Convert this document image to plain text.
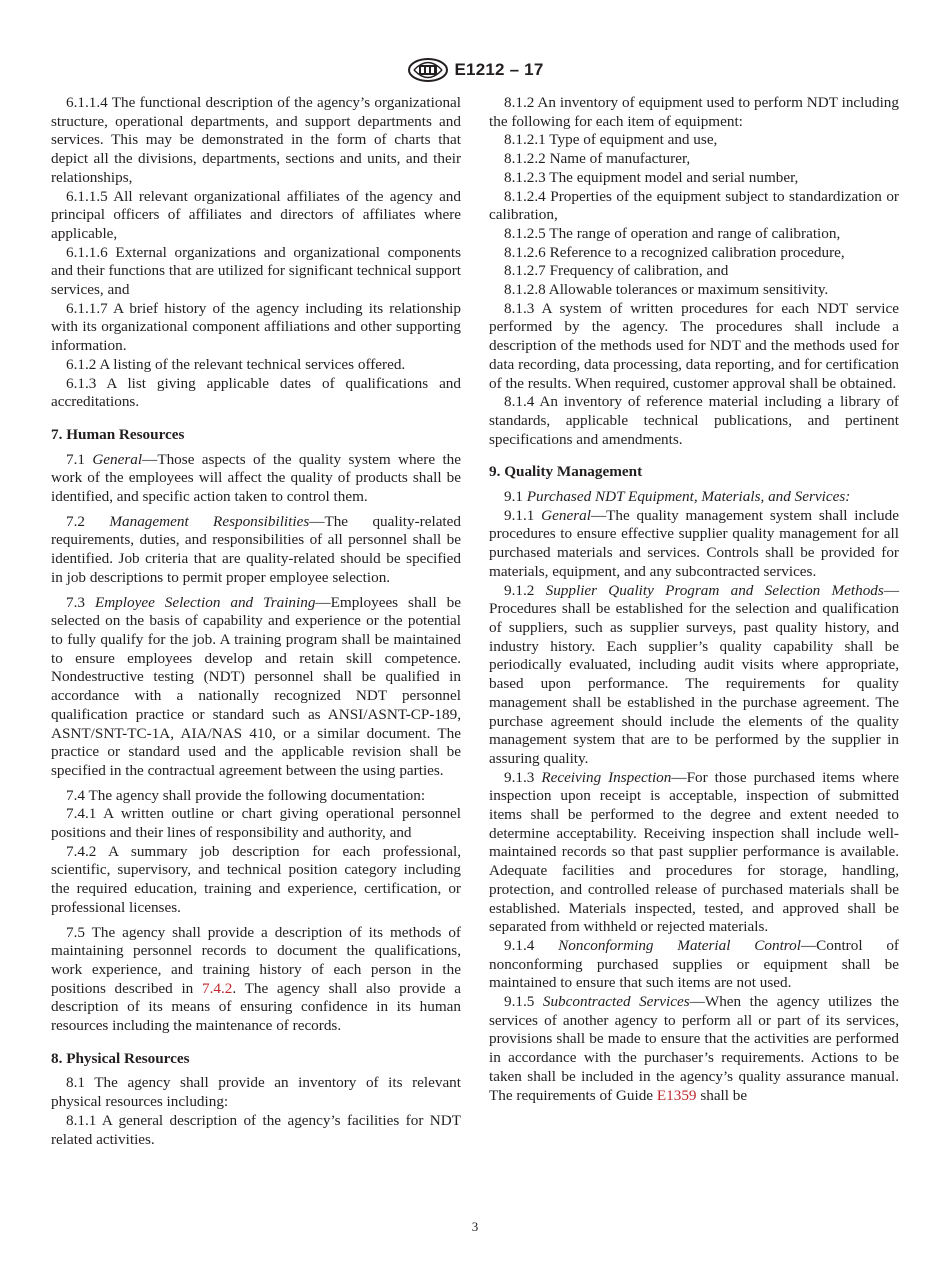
E1212 – 17

6.1.1.4 The functional description of the agency’s organizational structure, operational departments, and support departments and services. This may be demonstrated in the form of charts that depict all the divisions, departments, sections and units, and their relationships,

6.1.1.5 All relevant organizational affiliates of the agency and principal officers of affiliates and directors of affiliates where applicable,

6.1.1.6 External organizations and organizational components and their functions that are utilized for significant technical support services, and

6.1.1.7 A brief history of the agency including its relationship with its organizational component affiliations and other supporting information.

6.1.2 A listing of the relevant technical services offered.

6.1.3 A list giving applicable dates of qualifications and accreditations.

7. Human Resources

7.1 General—Those aspects of the quality system where the work of the employees will affect the quality of products shall be identified, and specific action taken to control them.

7.2 Management Responsibilities—The quality-related requirements, duties, and responsibilities of all personnel shall be identified. Job criteria that are quality-related should be specified in job descriptions to permit proper employee selection.

7.3 Employee Selection and Training—Employees shall be selected on the basis of capability and experience or the potential to fully qualify for the job. A training program shall be maintained to ensure employees develop and retain skill competence. Nondestructive testing (NDT) personnel shall be qualified in accordance with a nationally recognized NDT personnel qualification practice or standard such as ANSI/ASNT-CP-189, ASNT/SNT-TC-1A, AIA/NAS 410, or a similar document. The practice or standard used and the applicable revision shall be specified in the contractual agreement between the using parties.

7.4 The agency shall provide the following documentation:

7.4.1 A written outline or chart giving operational personnel positions and their lines of responsibility and authority, and

7.4.2 A summary job description for each professional, scientific, supervisory, and technical position category including the required education, training and experience, certification, or professional licenses.

7.5 The agency shall provide a description of its methods of maintaining personnel records to document the qualifications, work experience, and training history of each person in the positions described in 7.4.2. The agency shall also provide a description of its means of ensuring confidence in its human resources including the maintenance of records.

8. Physical Resources

8.1 The agency shall provide an inventory of its relevant physical resources including:

8.1.1 A general description of the agency’s facilities for NDT related activities.

8.1.2 An inventory of equipment used to perform NDT including the following for each item of equipment:

8.1.2.1 Type of equipment and use,

8.1.2.2 Name of manufacturer,

8.1.2.3 The equipment model and serial number,

8.1.2.4 Properties of the equipment subject to standardization or calibration,

8.1.2.5 The range of operation and range of calibration,

8.1.2.6 Reference to a recognized calibration procedure,

8.1.2.7 Frequency of calibration, and

8.1.2.8 Allowable tolerances or maximum sensitivity.

8.1.3 A system of written procedures for each NDT service performed by the agency. The procedures shall include a description of the methods used for NDT and the methods used for data recording, data processing, data reporting, and for certification of the results. When required, customer approval shall be obtained.

8.1.4 An inventory of reference material including a library of standards, applicable technical publications, and pertinent specifications and amendments.

9. Quality Management

9.1 Purchased NDT Equipment, Materials, and Services:

9.1.1 General—The quality management system shall include procedures to ensure effective supplier quality management for all purchased materials and services. Controls shall be provided for materials, equipment, and any subcontracted services.

9.1.2 Supplier Quality Program and Selection Methods—Procedures shall be established for the selection and qualification of suppliers, such as supplier surveys, past quality history, and industry history. Each supplier’s quality capability shall be periodically evaluated, including audit visits where appropriate, based upon performance. The requirements for quality management shall be established in the purchase agreement. The purchase agreement should include the elements of the quality management system that are to be performed by the supplier in assuring quality.

9.1.3 Receiving Inspection—For those purchased items where inspection upon receipt is acceptable, inspection of submitted items shall be performed to the degree and extent needed to determine acceptability. Receiving inspection shall include well-maintained records so that past supplier performance is available. Adequate facilities and procedures for storage, handling, protection, and controlled release of purchased materials shall be established. Materials inspected, tested, and approved shall be separated from withheld or rejected materials.

9.1.4 Nonconforming Material Control—Control of nonconforming purchased supplies or equipment shall be maintained to ensure that such items are not used.

9.1.5 Subcontracted Services—When the agency utilizes the services of another agency to perform all or part of its services, provisions shall be made to ensure that the activities are performed in accordance with the purchaser’s requirements. Actions to be taken shall be included in the agency’s quality assurance manual. The requirements of Guide E1359 shall be

3
